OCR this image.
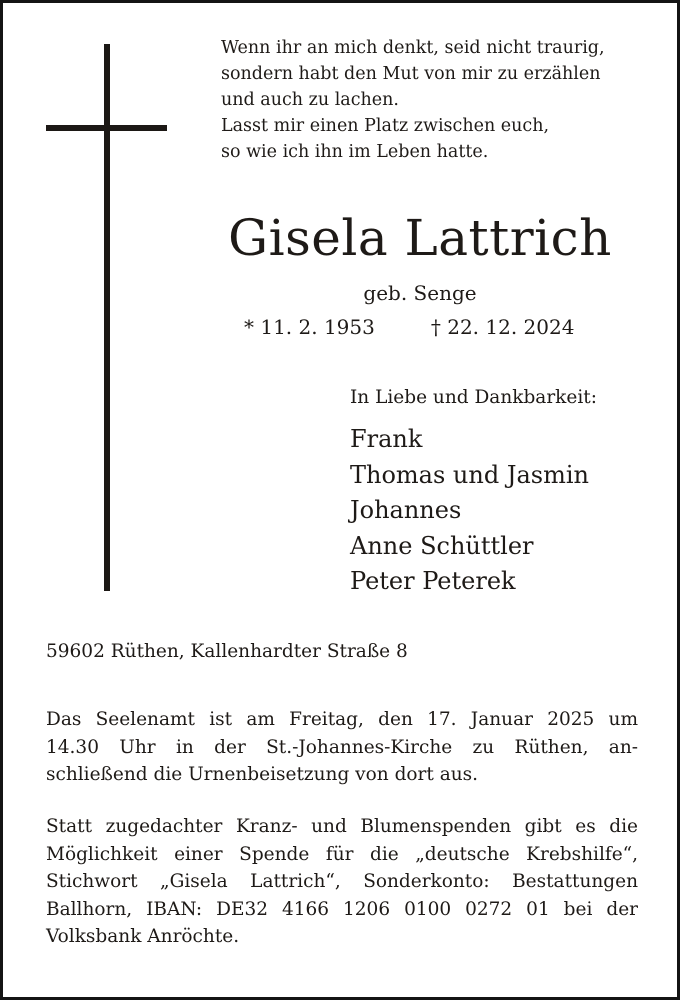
Wenn ihr an mich denkt, seid nicht traurig,
sondern habt den Mut von mir zu erzählen
und auch zu lachen.
Lasst mir einen Platz zwischen euch,
so wie ich ihn im Leben hatte.
Gisela Lattrich
geb. Senge
* 11. 2. 1953	† 22. 12. 2024
In Liebe und Dankbarkeit:
Frank
Thomas und Jasmin
Johannes
Anne Schüttler
Peter Peterek
59602 Rüthen, Kallenhardter Straße 8
Das Seelenamt ist am Freitag, den 17. Januar 2025 um
14.30 Uhr in der St.-Johannes-Kirche zu Rüthen, an-
schließend die Urnenbeisetzung von dort aus.
Statt zugedachter Kranz- und Blumenspenden gibt es die
Möglichkeit einer Spende für die „deutsche Krebshilfe“,
Stichwort „Gisela Lattrich“, Sonderkonto: Bestattungen
Ballhorn, IBAN: DE32 4166 1206 0100 0272 01 bei der
Volksbank Anröchte.
